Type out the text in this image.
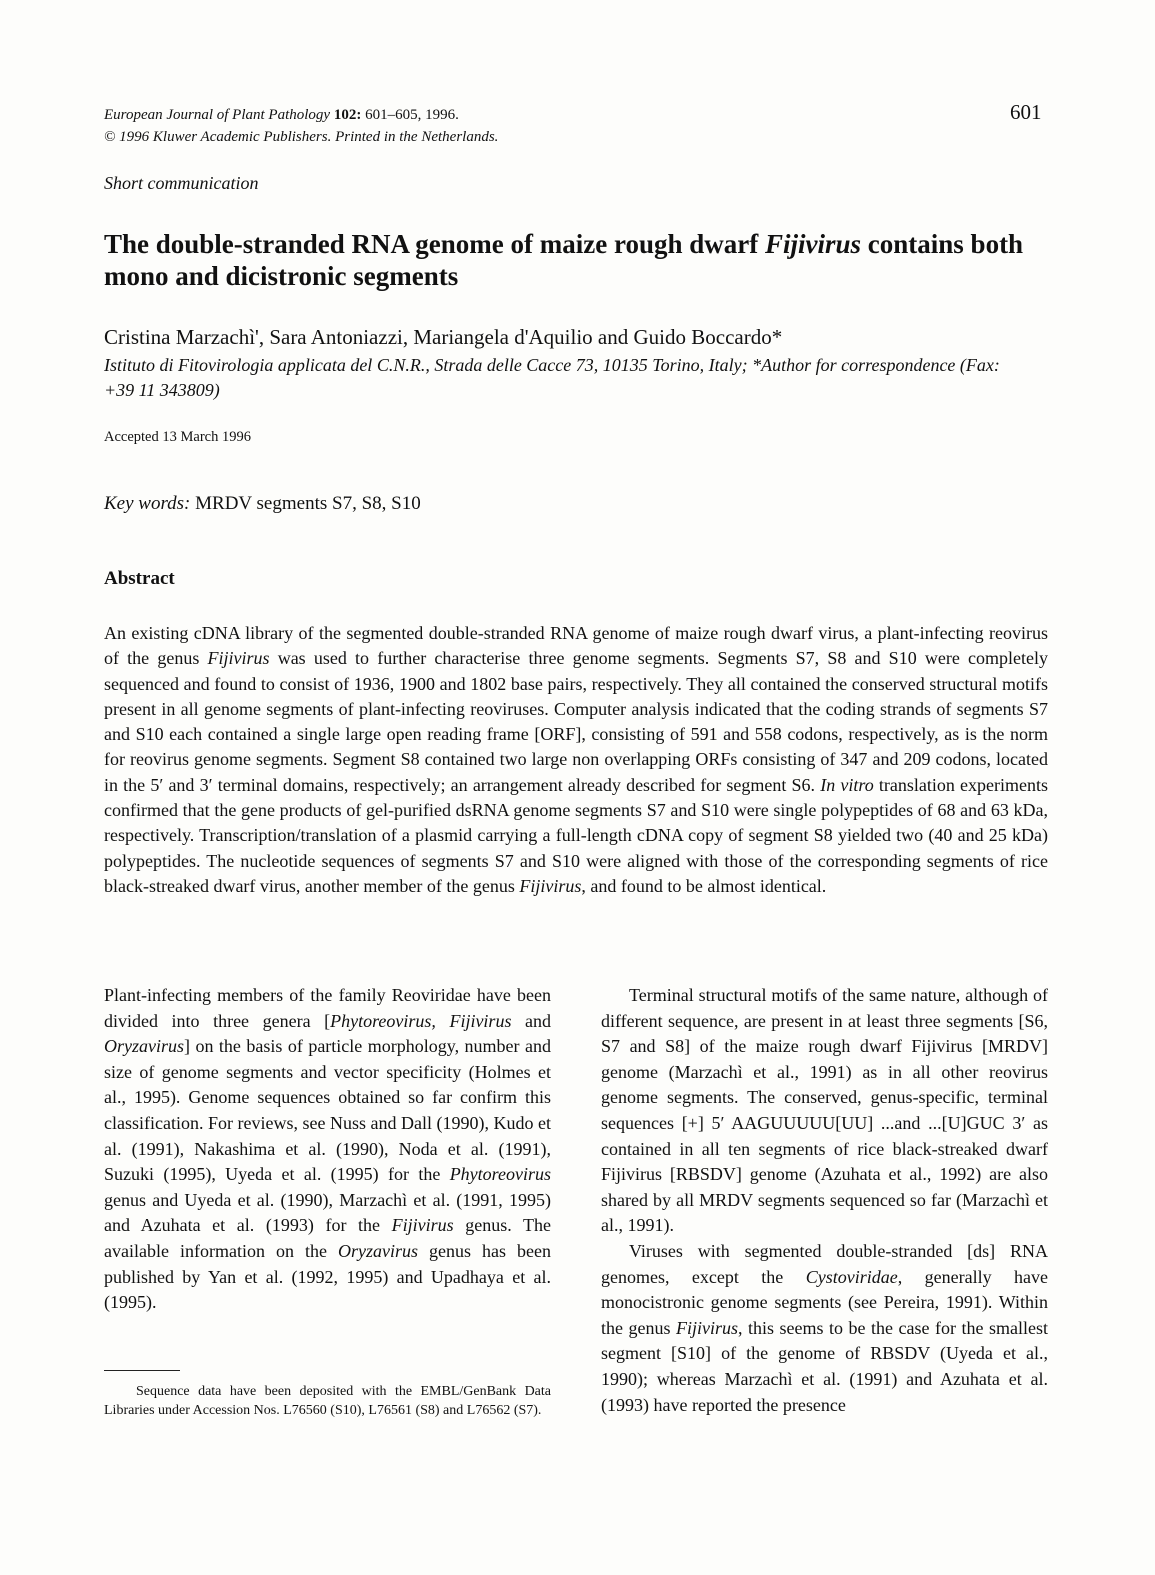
European Journal of Plant Pathology 102: 601–605, 1996.
© 1996 Kluwer Academic Publishers. Printed in the Netherlands.
601
Short communication
The double-stranded RNA genome of maize rough dwarf Fijivirus contains both mono and dicistronic segments
Cristina Marzachì', Sara Antoniazzi, Mariangela d'Aquilio and Guido Boccardo*
Istituto di Fitovirologia applicata del C.N.R., Strada delle Cacce 73, 10135 Torino, Italy; *Author for correspondence (Fax: +39 11 343809)
Accepted 13 March 1996
Key words: MRDV segments S7, S8, S10
Abstract
An existing cDNA library of the segmented double-stranded RNA genome of maize rough dwarf virus, a plant-infecting reovirus of the genus Fijivirus was used to further characterise three genome segments. Segments S7, S8 and S10 were completely sequenced and found to consist of 1936, 1900 and 1802 base pairs, respectively. They all contained the conserved structural motifs present in all genome segments of plant-infecting reoviruses. Computer analysis indicated that the coding strands of segments S7 and S10 each contained a single large open reading frame [ORF], consisting of 591 and 558 codons, respectively, as is the norm for reovirus genome segments. Segment S8 contained two large non overlapping ORFs consisting of 347 and 209 codons, located in the 5′ and 3′ terminal domains, respectively; an arrangement already described for segment S6. In vitro translation experiments confirmed that the gene products of gel-purified dsRNA genome segments S7 and S10 were single polypeptides of 68 and 63 kDa, respectively. Transcription/translation of a plasmid carrying a full-length cDNA copy of segment S8 yielded two (40 and 25 kDa) polypeptides. The nucleotide sequences of segments S7 and S10 were aligned with those of the corresponding segments of rice black-streaked dwarf virus, another member of the genus Fijivirus, and found to be almost identical.

Plant-infecting members of the family Reoviridae have been divided into three genera [Phytoreovirus, Fijivirus and Oryzavirus] on the basis of particle morphology, number and size of genome segments and vector specificity (Holmes et al., 1995). Genome sequences obtained so far confirm this classification. For reviews, see Nuss and Dall (1990), Kudo et al. (1991), Nakashima et al. (1990), Noda et al. (1991), Suzuki (1995), Uyeda et al. (1995) for the Phytoreovirus genus and Uyeda et al. (1990), Marzachì et al. (1991, 1995) and Azuhata et al. (1993) for the Fijivirus genus. The available information on the Oryzavirus genus has been published by Yan et al. (1992, 1995) and Upadhaya et al. (1995).

Terminal structural motifs of the same nature, although of different sequence, are present in at least three segments [S6, S7 and S8] of the maize rough dwarf Fijivirus [MRDV] genome (Marzachì et al., 1991) as in all other reovirus genome segments. The conserved, genus-specific, terminal sequences [+] 5′ AAGUUUUU[UU] ...and ...[U]GUC 3′ as contained in all ten segments of rice black-streaked dwarf Fijivirus [RBSDV] genome (Azuhata et al., 1992) are also shared by all MRDV segments sequenced so far (Marzachì et al., 1991).

Viruses with segmented double-stranded [ds] RNA genomes, except the Cystoviridae, generally have monocistronic genome segments (see Pereira, 1991). Within the genus Fijivirus, this seems to be the case for the smallest segment [S10] of the genome of RBSDV (Uyeda et al., 1990); whereas Marzachì et al. (1991) and Azuhata et al. (1993) have reported the presence

Sequence data have been deposited with the EMBL/GenBank Data Libraries under Accession Nos. L76560 (S10), L76561 (S8) and L76562 (S7).
